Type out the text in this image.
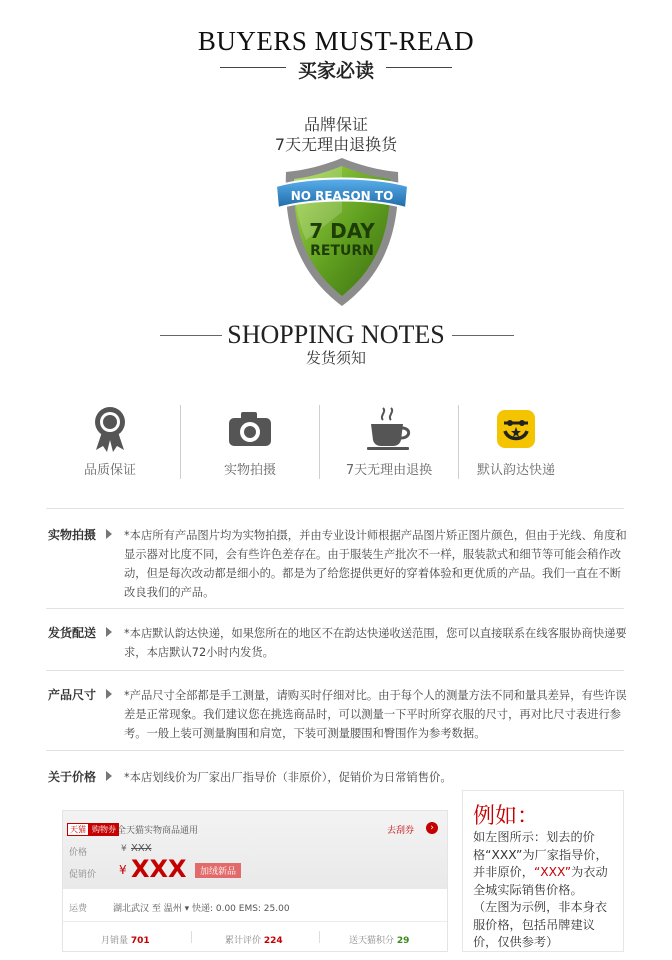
BUYERS MUST-READ
买家必读
品牌保证
7天无理由退换货
NO REASON TO
7 DAY
RETURN
SHOPPING NOTES
发货须知
品质保证	实物拍摄	7天无理由退换	默认韵达快递
实物拍摄 *本店所有产品图片均为实物拍摄，并由专业设计师根据产品图片矫正图片颜色，但由于光线、角度和显示器对比度不同，会有些许色差存在。由于服装生产批次不一样，服装款式和细节等可能会稍作改动，但是每次改动都是细小的。都是为了给您提供更好的穿着体验和更优质的产品。我们一直在不断改良我们的产品。
发货配送 *本店默认韵达快递，如果您所在的地区不在韵达快递收送范围，您可以直接联系在线客服协商快递要求，本店默认72小时内发货。
产品尺寸 *产品尺寸全部都是手工测量，请购买时仔细对比。由于每个人的测量方法不同和量具差异，有些许误差是正常现象。我们建议您在挑选商品时，可以测量一下平时所穿衣服的尺寸，再对比尺寸表进行参考。一般上装可测量胸围和肩宽，下装可测量腰围和臀围作为参考数据。
关于价格 *本店划线价为厂家出厂指导价（非原价），促销价为日常销售价。
天猫 购物券 全天猫实物商品通用	去刮券	›
价格	¥ XXX
促销价 ¥ XXX	加绒新品
运费	湖北武汉 至 温州 ▾ 快递: 0.00 EMS: 25.00
月销量 701	累计评价 224	送天猫积分 29
例如：
如左图所示：划去的价格“XXX”为厂家指导价，并非原价，“XXX”为衣动全城实际销售价格。
（左图为示例，非本身衣服价格，包括吊牌建议价，仅供参考）
